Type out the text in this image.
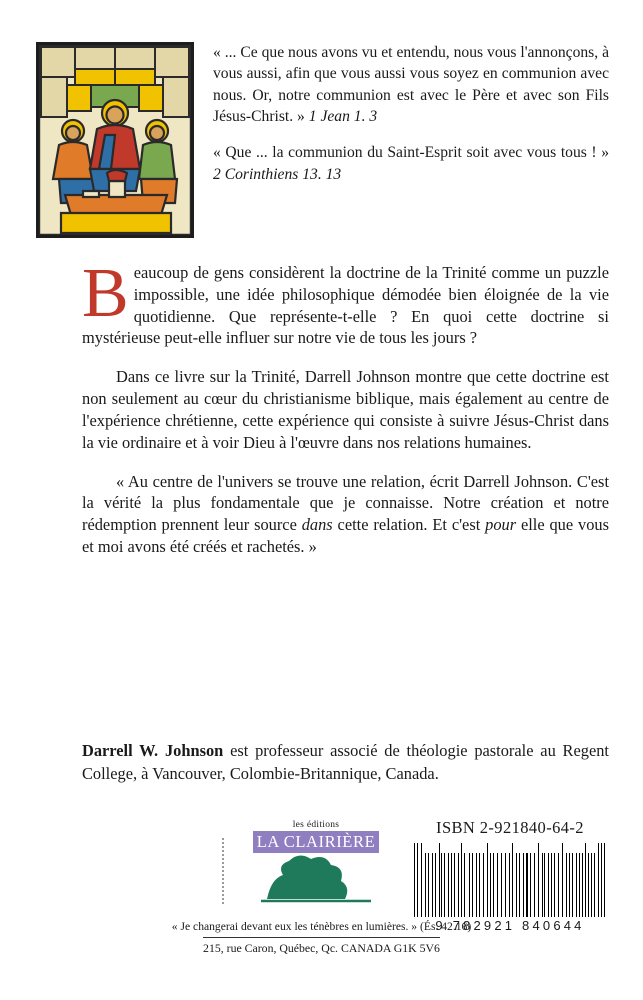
« ... Ce que nous avons vu et entendu, nous vous l'annonçons, à vous aussi, afin que vous aussi vous soyez en communion avec nous. Or, notre communion est avec le Père et avec son Fils Jésus-Christ. » 1 Jean 1. 3

« Que ... la communion du Saint-Esprit soit avec vous tous ! » 2 Corinthiens 13. 13

Beaucoup de gens considèrent la doctrine de la Trinité comme un puzzle impossible, une idée philosophique démodée bien éloignée de la vie quotidienne. Que représente-t-elle ? En quoi cette doctrine si mystérieuse peut-elle influer sur notre vie de tous les jours ?

Dans ce livre sur la Trinité, Darrell Johnson montre que cette doctrine est non seulement au cœur du christianisme biblique, mais également au centre de l'expérience chrétienne, cette expérience qui consiste à suivre Jésus-Christ dans la vie ordinaire et à voir Dieu à l'œuvre dans nos relations humaines.

« Au centre de l'univers se trouve une relation, écrit Darrell Johnson. C'est la vérité la plus fondamentale que je connaisse. Notre création et notre rédemption prennent leur source dans cette relation. Et c'est pour elle que vous et moi avons été créés et rachetés. »

Darrell W. Johnson est professeur associé de théologie pastorale au Regent College, à Vancouver, Colombie-Britannique, Canada.
les éditions
LA CLAIRIÈRE
ISBN 2-921840-64-2
9 782921 840644
« Je changerai devant eux les ténèbres en lumières. » (És. 42.16)
215, rue Caron, Québec, Qc. CANADA G1K 5V6
